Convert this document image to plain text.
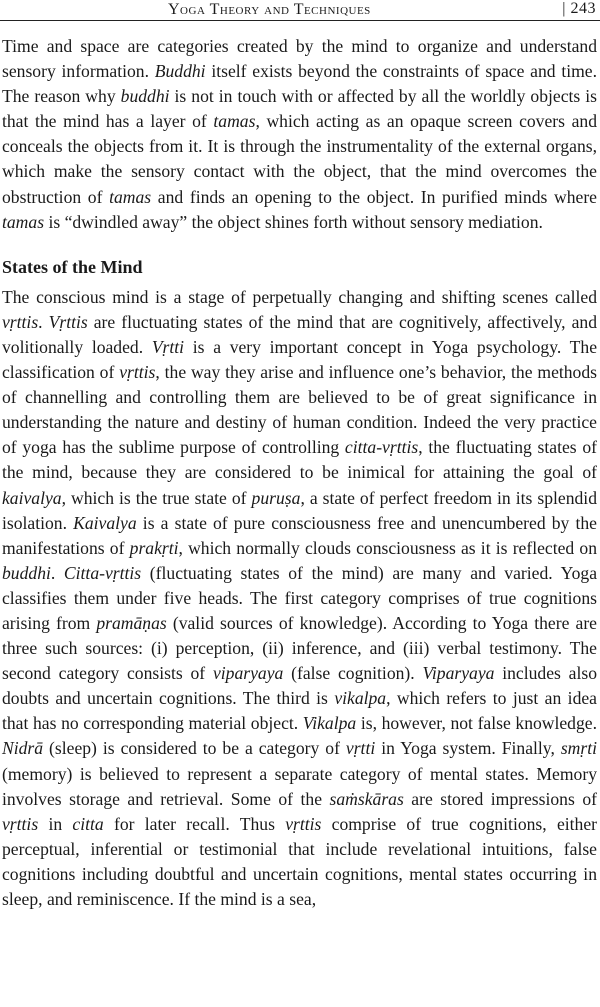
Yoga Theory and Techniques
|	243

Time and space are categories created by the mind to organize and understand sensory information. Buddhi itself exists beyond the constraints of space and time. The reason why buddhi is not in touch with or affected by all the worldly objects is that the mind has a layer of tamas, which acting as an opaque screen covers and conceals the objects from it. It is through the instrumentality of the external organs, which make the sensory contact with the object, that the mind overcomes the obstruction of tamas and finds an opening to the object. In purified minds where tamas is “dwindled away” the object shines forth without sensory mediation.

States of the Mind

The conscious mind is a stage of perpetually changing and shifting scenes called vṛttis. Vṛttis are fluctuating states of the mind that are cognitively, affectively, and volitionally loaded. Vṛtti is a very important concept in Yoga psychology. The classification of vṛttis, the way they arise and influence one’s behavior, the methods of channelling and controlling them are believed to be of great significance in understanding the nature and destiny of human condition. Indeed the very practice of yoga has the sublime purpose of controlling citta-vṛttis, the fluctuating states of the mind, because they are considered to be inimical for attaining the goal of kaivalya, which is the true state of puruṣa, a state of perfect freedom in its splendid isolation. Kaivalya is a state of pure consciousness free and unencumbered by the manifestations of prakṛti, which normally clouds consciousness as it is reflected on buddhi. Citta-vṛttis (fluctuating states of the mind) are many and varied. Yoga classifies them under five heads. The first category comprises of true cognitions arising from pramāṇas (valid sources of knowledge). According to Yoga there are three such sources: (i) perception, (ii) inference, and (iii) verbal testimony. The second category consists of viparyaya (false cognition). Viparyaya includes also doubts and uncertain cognitions. The third is vikalpa, which refers to just an idea that has no corresponding material object. Vikalpa is, however, not false knowledge. Nidrā (sleep) is considered to be a category of vṛtti in Yoga system. Finally, smṛti (memory) is believed to represent a separate category of mental states. Memory involves storage and retrieval. Some of the saṁskāras are stored impressions of vṛttis in citta for later recall. Thus vṛttis comprise of true cognitions, either perceptual, inferential or testimonial that include revelational intuitions, false cognitions including doubtful and uncertain cognitions, mental states occurring in sleep, and reminiscence. If the mind is a sea,
